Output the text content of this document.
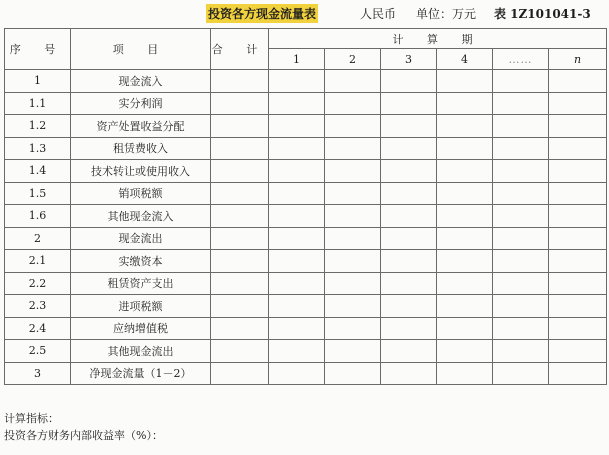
投资各方现金流量表	人民币 单位：万元 表 1Z101041-3
序 号	项 目	合 计	计 算 期					
			1	2	3	4	……	n
1	现金流入							
1.1	实分利润							
1.2	资产处置收益分配							
1.3	租赁费收入							
1.4	技术转让或使用收入							
1.5	销项税额							
1.6	其他现金流入							
2	现金流出							
2.1	实缴资本							
2.2	租赁资产支出							
2.3	进项税额							
2.4	应纳增值税							
2.5	其他现金流出							
3	净现金流量（1－2）							
计算指标：
投资各方财务内部收益率（%）：
